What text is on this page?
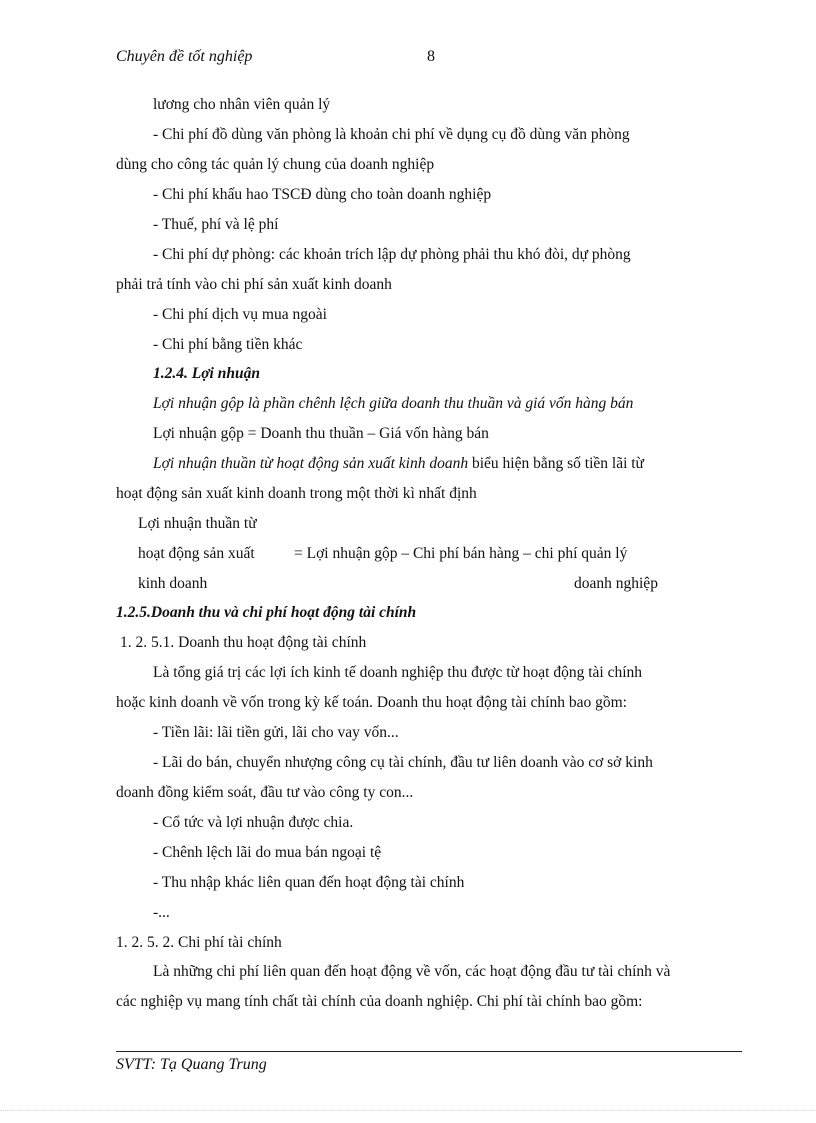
Chuyên đề tốt nghiệp	8
lương cho nhân viên quản lý
- Chi phí đồ dùng văn phòng là khoản chi phí về dụng cụ đồ dùng văn phòng
dùng cho công tác quản lý chung của doanh nghiệp
- Chi phí khấu hao TSCĐ dùng cho toàn doanh nghiệp
- Thuế, phí và lệ phí
- Chi phí dự phòng: các khoản trích lập dự phòng phải thu khó đòi, dự phòng
phải trả tính vào chi phí sản xuất kinh doanh
- Chi phí dịch vụ mua ngoài
- Chi phí bằng tiền khác
1.2.4. Lợi nhuận
Lợi nhuận gộp là phần chênh lệch giữa doanh thu thuần và giá vốn hàng bán
Lợi nhuận gộp = Doanh thu thuần – Giá vốn hàng bán
Lợi nhuận thuần từ hoạt động sản xuất kinh doanh biểu hiện bằng số tiền lãi từ
hoạt động sản xuất kinh doanh trong một thời kì nhất định
Lợi nhuận thuần từ
hoạt động sản xuất	= Lợi nhuận gộp – Chi phí bán hàng – chi phí quản lý
kinh doanh	doanh nghiệp
1.2.5.Doanh thu và chi phí hoạt động tài chính
1. 2. 5.1. Doanh thu hoạt động tài chính
Là tổng giá trị các lợi ích kinh tế doanh nghiệp thu được từ hoạt động tài chính
hoặc kinh doanh về vốn trong kỳ kế toán. Doanh thu hoạt động tài chính bao gồm:
- Tiền lãi: lãi tiền gửi, lãi cho vay vốn...
- Lãi do bán, chuyển nhượng công cụ tài chính, đầu tư liên doanh vào cơ sở kinh
doanh đồng kiểm soát, đầu tư vào công ty con...
- Cổ tức và lợi nhuận được chia.
- Chênh lệch lãi do mua bán ngoại tệ
- Thu nhập khác liên quan đến hoạt động tài chính
-...
1. 2. 5. 2. Chi phí tài chính
Là những chi phí liên quan đến hoạt động về vốn, các hoạt động đầu tư tài chính và
các nghiệp vụ mang tính chất tài chính của doanh nghiệp. Chi phí tài chính bao gồm:
SVTT: Tạ Quang Trung
